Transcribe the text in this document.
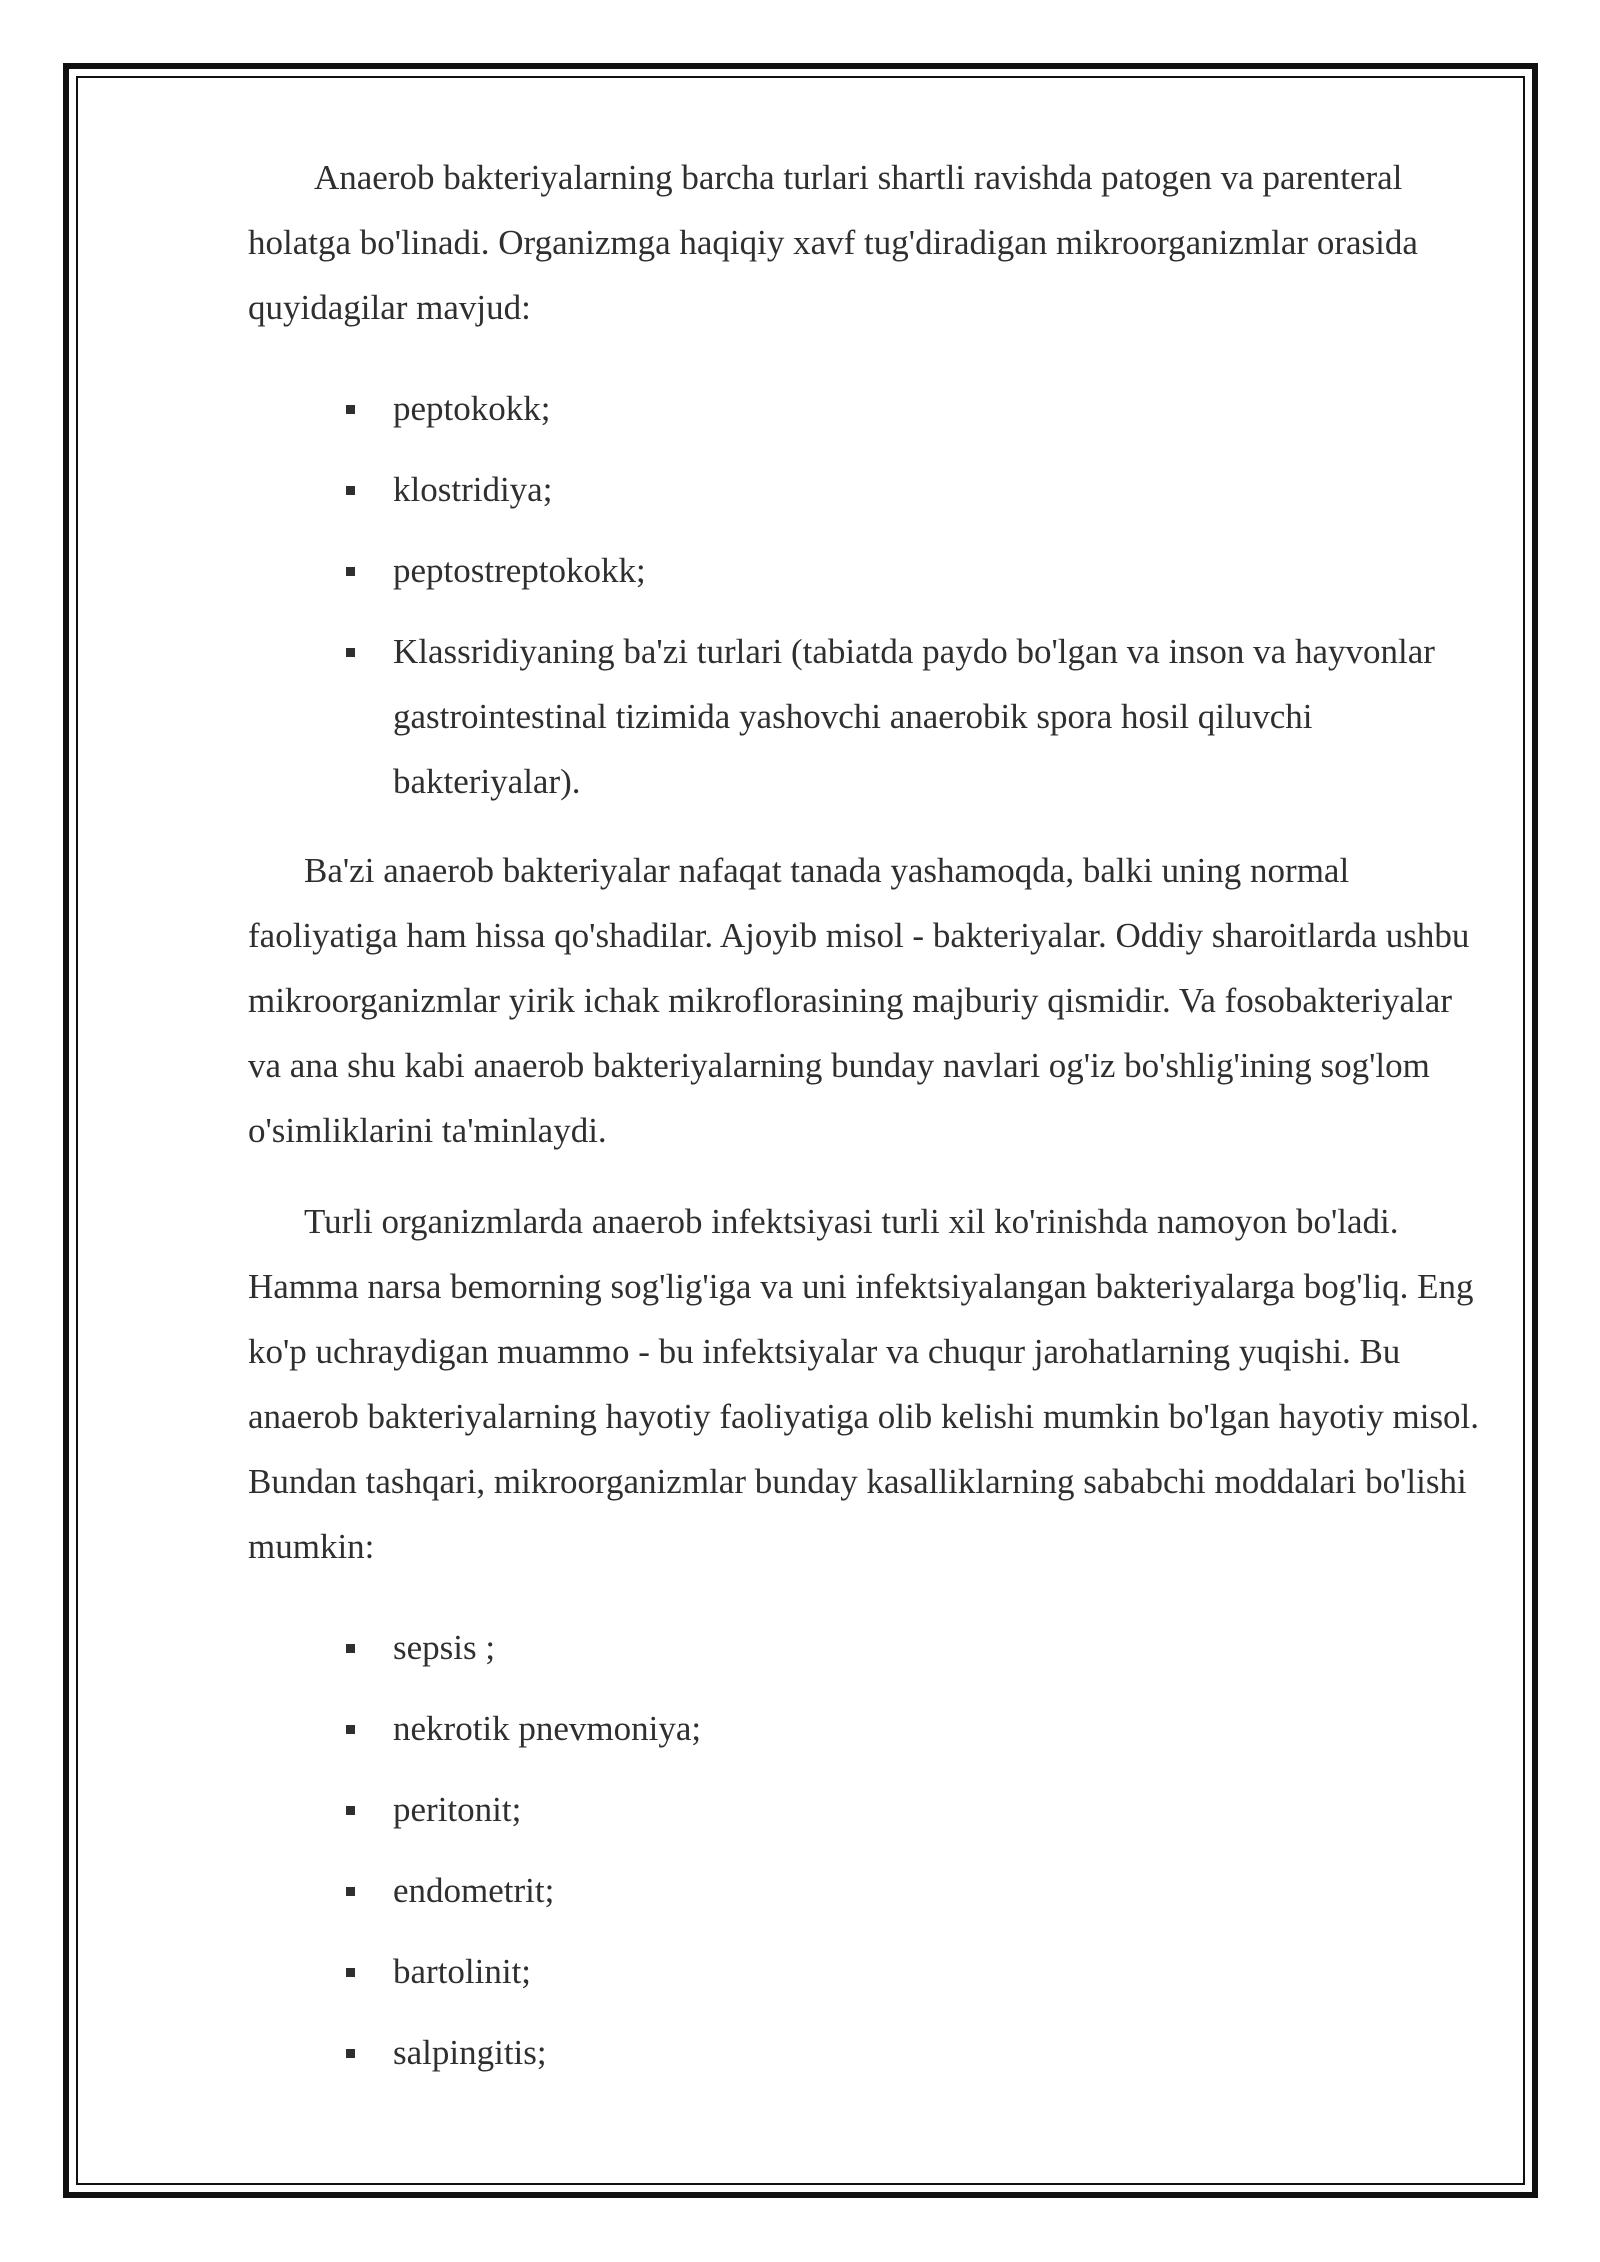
Anaerob bakteriyalarning barcha turlari shartli ravishda patogen va parenteral holatga bo'linadi. Organizmga haqiqiy xavf tug'diradigan mikroorganizmlar orasida quyidagilar mavjud:

peptokokk;
klostridiya;
peptostreptokokk;
Klassridiyaning ba'zi turlari (tabiatda paydo bo'lgan va inson va hayvonlar gastrointestinal tizimida yashovchi anaerobik spora hosil qiluvchi bakteriyalar).

Ba'zi anaerob bakteriyalar nafaqat tanada yashamoqda, balki uning normal faoliyatiga ham hissa qo'shadilar. Ajoyib misol - bakteriyalar. Oddiy sharoitlarda ushbu mikroorganizmlar yirik ichak mikroflorasining majburiy qismidir. Va fosobakteriyalar va ana shu kabi anaerob bakteriyalarning bunday navlari og'iz bo'shlig'ining sog'lom o'simliklarini ta'minlaydi.

Turli organizmlarda anaerob infektsiyasi turli xil ko'rinishda namoyon bo'ladi. Hamma narsa bemorning sog'lig'iga va uni infektsiyalangan bakteriyalarga bog'liq. Eng ko'p uchraydigan muammo - bu infektsiyalar va chuqur jarohatlarning yuqishi. Bu anaerob bakteriyalarning hayotiy faoliyatiga olib kelishi mumkin bo'lgan hayotiy misol. Bundan tashqari, mikroorganizmlar bunday kasalliklarning sababchi moddalari bo'lishi mumkin:

sepsis ;
nekrotik pnevmoniya;
peritonit;
endometrit;
bartolinit;
salpingitis;
